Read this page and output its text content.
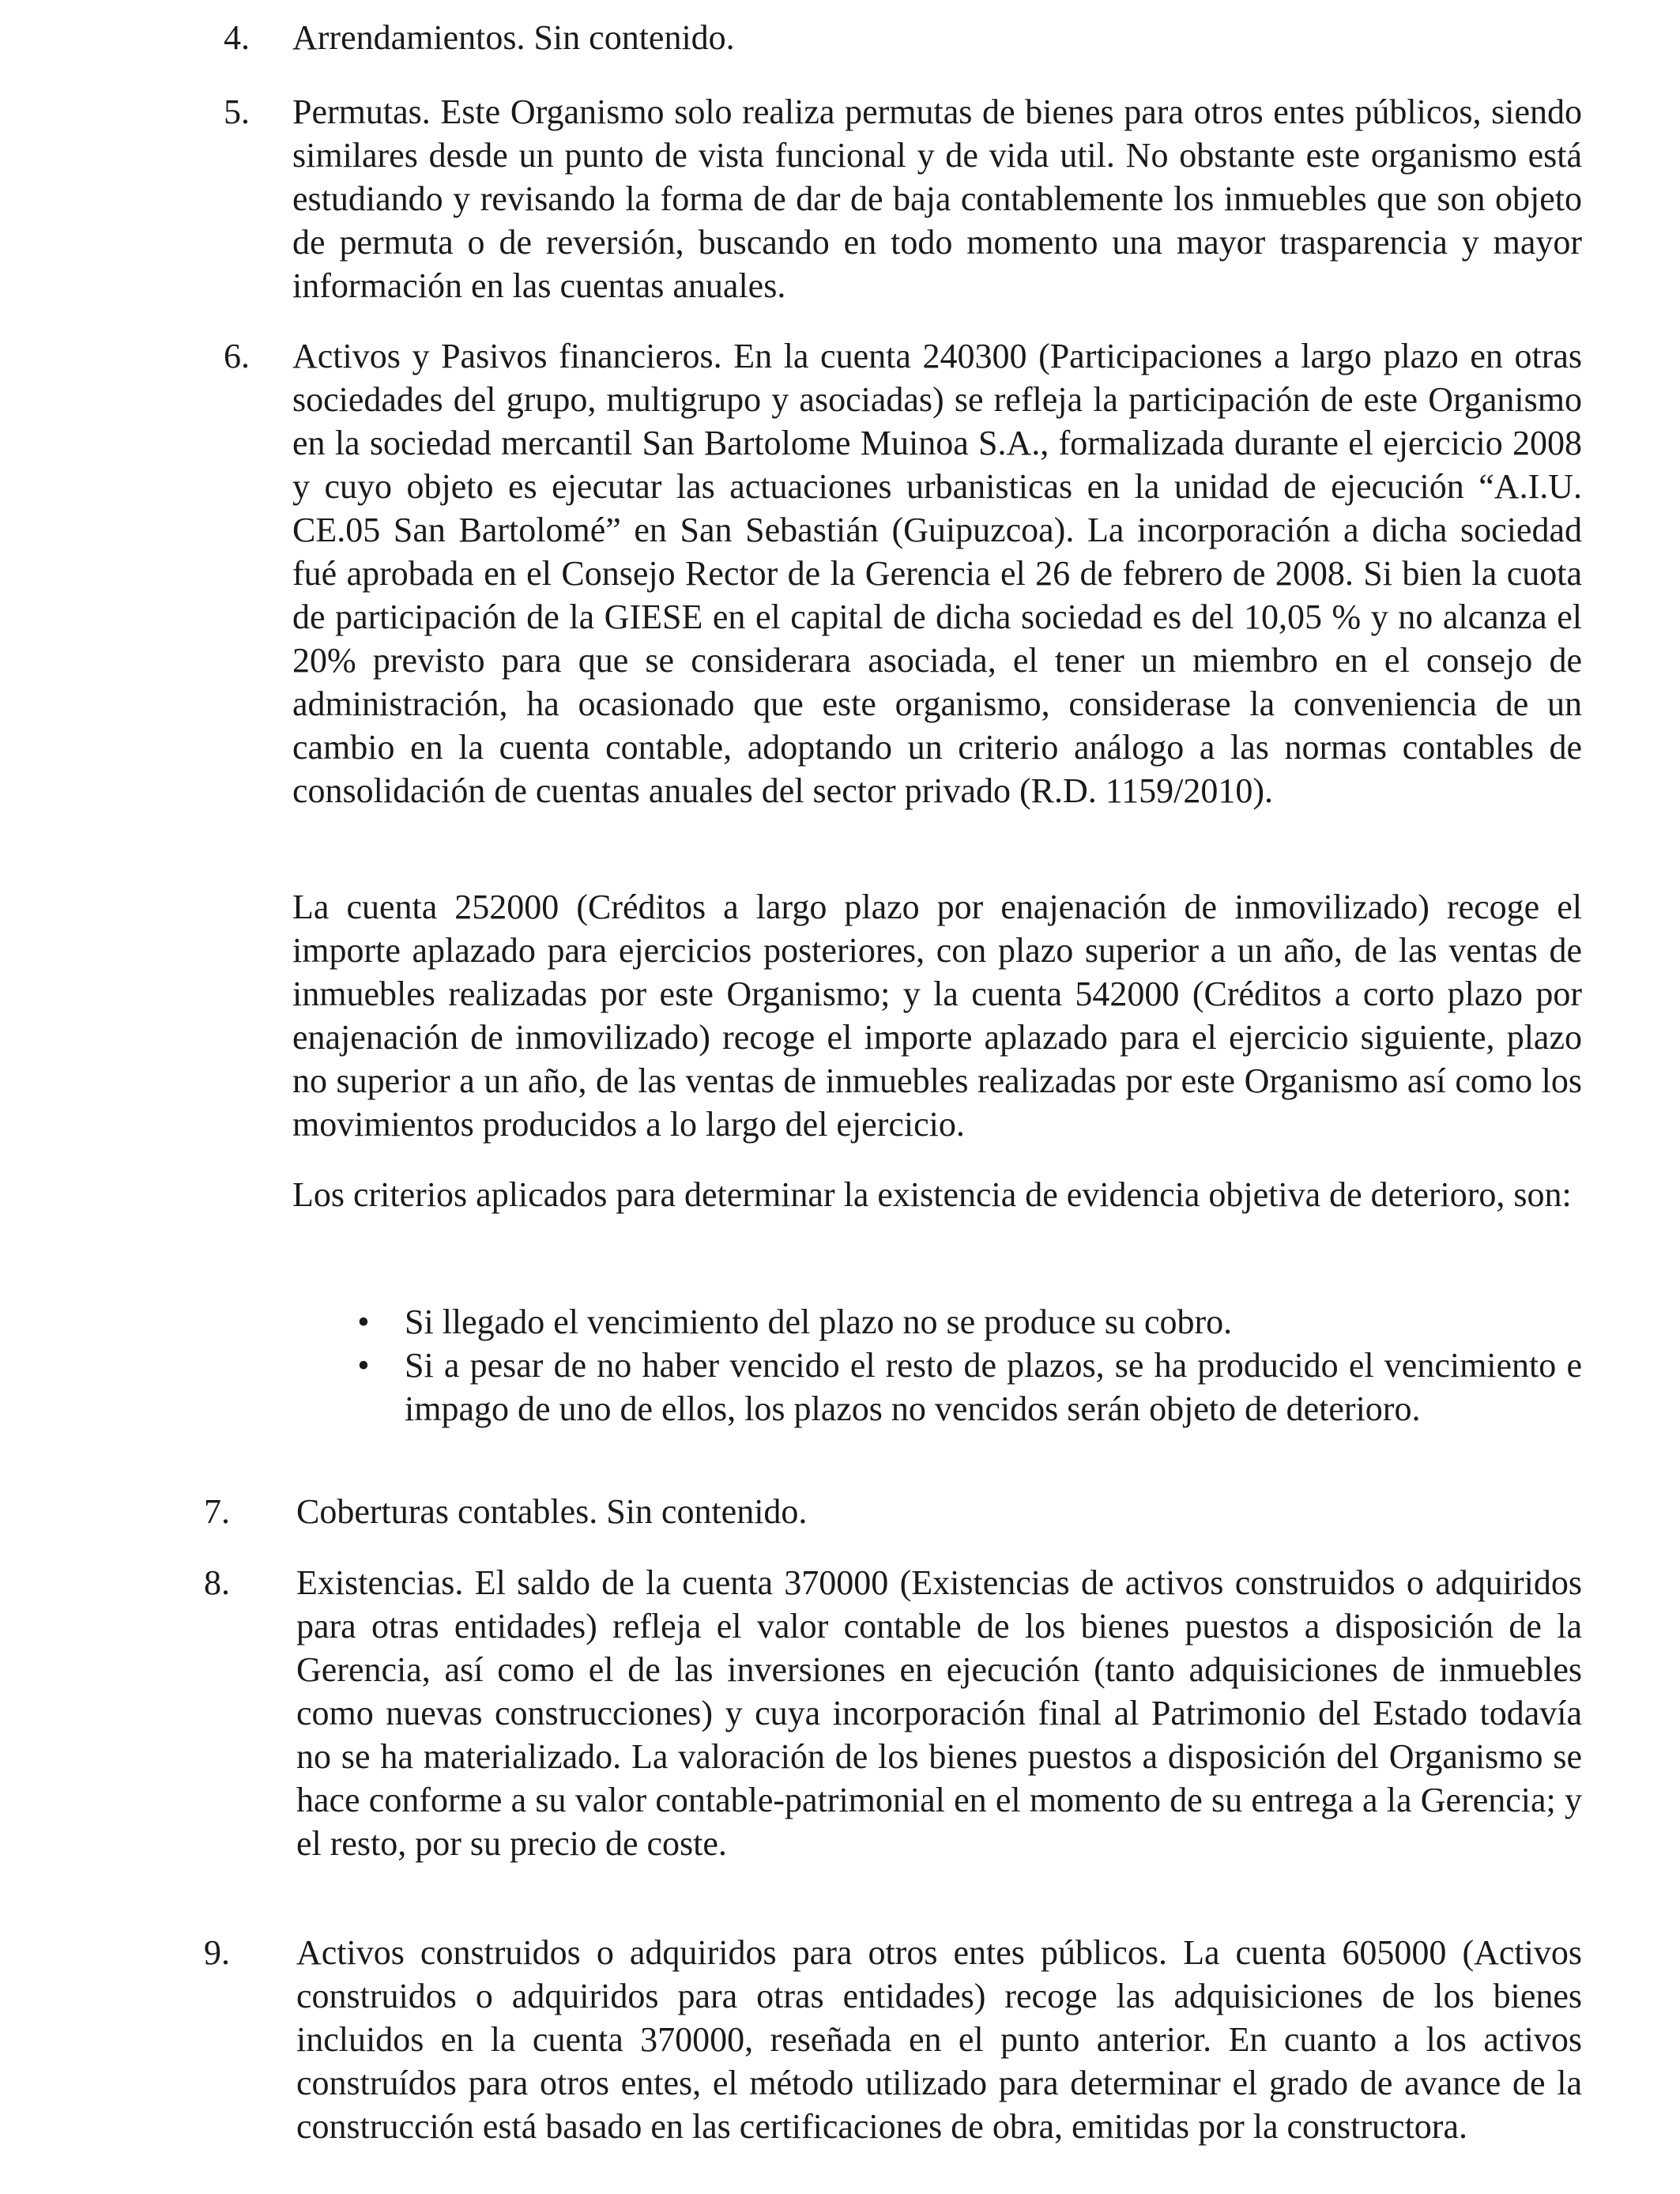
4. Arrendamientos. Sin contenido.
5. Permutas. Este Organismo solo realiza permutas de bienes para otros entes públicos, siendo similares desde un punto de vista funcional y de vida util. No obstante este organismo está estudiando y revisando la forma de dar de baja contablemente los inmuebles que son objeto de permuta o de reversión, buscando en todo momento una mayor trasparencia y mayor información en las cuentas anuales.
6. Activos y Pasivos financieros. En la cuenta 240300 (Participaciones a largo plazo en otras sociedades del grupo, multigrupo y asociadas) se refleja la participación de este Organismo en la sociedad mercantil San Bartolome Muinoa S.A., formalizada durante el ejercicio 2008 y cuyo objeto es ejecutar las actuaciones urbanisticas en la unidad de ejecución “A.I.U. CE.05 San Bartolomé” en San Sebastián (Guipuzcoa). La incorporación a dicha sociedad fué aprobada en el Consejo Rector de la Gerencia el 26 de febrero de 2008. Si bien la cuota de participación de la GIESE en el capital de dicha sociedad es del 10,05 % y no alcanza el 20% previsto para que se considerara asociada, el tener un miembro en el consejo de administración, ha ocasionado que este organismo, considerase la conveniencia de un cambio en la cuenta contable, adoptando un criterio análogo a las normas contables de consolidación de cuentas anuales del sector privado (R.D. 1159/2010).
La cuenta 252000 (Créditos a largo plazo por enajenación de inmovilizado) recoge el importe aplazado para ejercicios posteriores, con plazo superior a un año, de las ventas de inmuebles realizadas por este Organismo; y la cuenta 542000 (Créditos a corto plazo por enajenación de inmovilizado) recoge el importe aplazado para el ejercicio siguiente, plazo no superior a un año, de las ventas de inmuebles realizadas por este Organismo así como los movimientos producidos a lo largo del ejercicio.
Los criterios aplicados para determinar la existencia de evidencia objetiva de deterioro, son:
• Si llegado el vencimiento del plazo no se produce su cobro.
• Si a pesar de no haber vencido el resto de plazos, se ha producido el vencimiento e impago de uno de ellos, los plazos no vencidos serán objeto de deterioro.
7. Coberturas contables. Sin contenido.
8. Existencias. El saldo de la cuenta 370000 (Existencias de activos construidos o adquiridos para otras entidades) refleja el valor contable de los bienes puestos a disposición de la Gerencia, así como el de las inversiones en ejecución (tanto adquisiciones de inmuebles como nuevas construcciones) y cuya incorporación final al Patrimonio del Estado todavía no se ha materializado. La valoración de los bienes puestos a disposición del Organismo se hace conforme a su valor contable-patrimonial en el momento de su entrega a la Gerencia; y el resto, por su precio de coste.
9. Activos construidos o adquiridos para otros entes públicos. La cuenta 605000 (Activos construidos o adquiridos para otras entidades) recoge las adquisiciones de los bienes incluidos en la cuenta 370000, reseñada en el punto anterior. En cuanto a los activos construídos para otros entes, el método utilizado para determinar el grado de avance de la construcción está basado en las certificaciones de obra, emitidas por la constructora.
